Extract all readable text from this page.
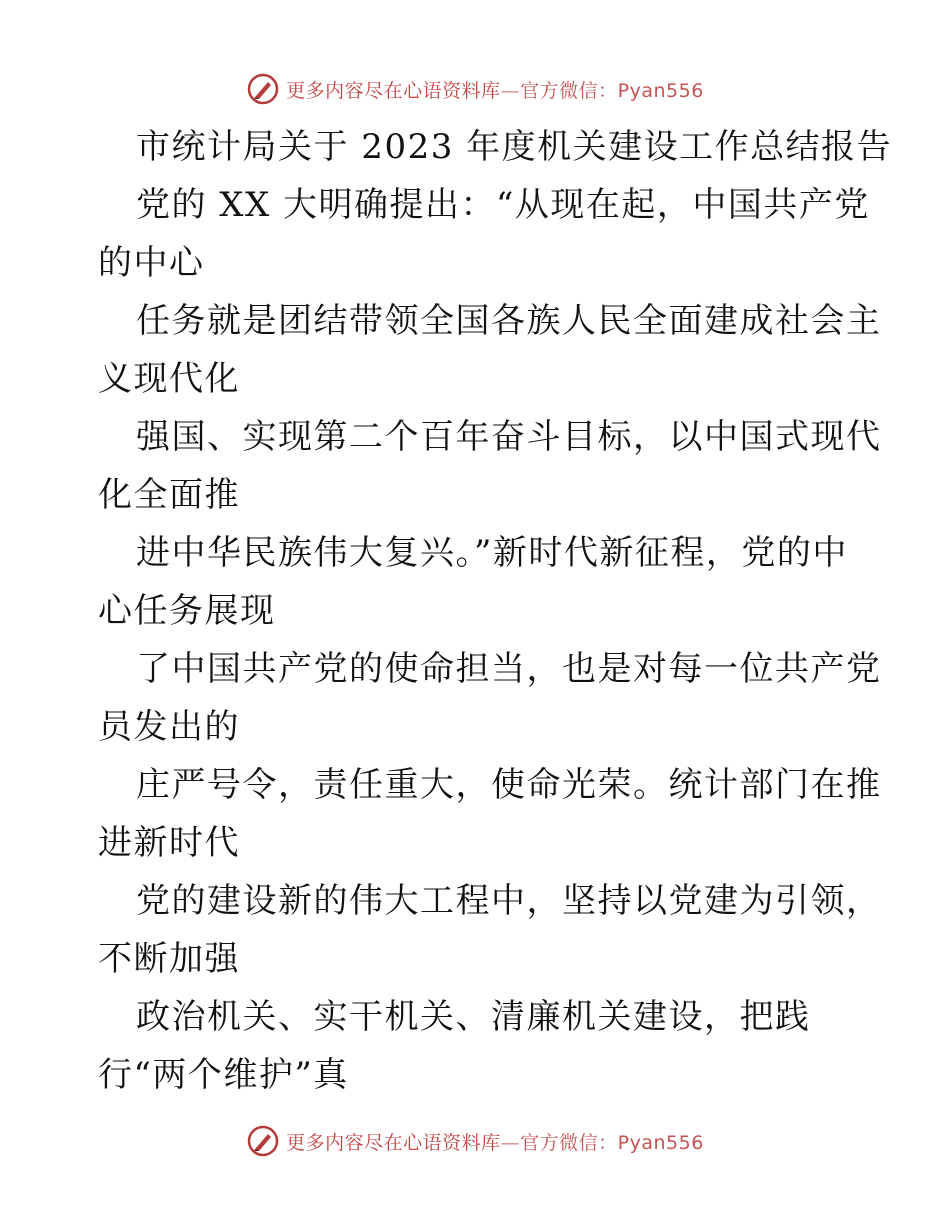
更多内容尽在心语资料库—官方微信：Pyan556
市统计局关于 2023 年度机关建设工作总结报告

党的 XX 大明确提出：“从现在起，中国共产党
的中心

任务就是团结带领全国各族人民全面建成社会主
义现代化

强国、实现第二个百年奋斗目标，以中国式现代
化全面推

进中华民族伟大复兴。”新时代新征程，党的中
心任务展现

了中国共产党的使命担当，也是对每一位共产党
员发出的

庄严号令，责任重大，使命光荣。统计部门在推
进新时代

党的建设新的伟大工程中，坚持以党建为引领，
不断加强

政治机关、实干机关、清廉机关建设，把践
行“两个维护”真

更多内容尽在心语资料库—官方微信：Pyan556
